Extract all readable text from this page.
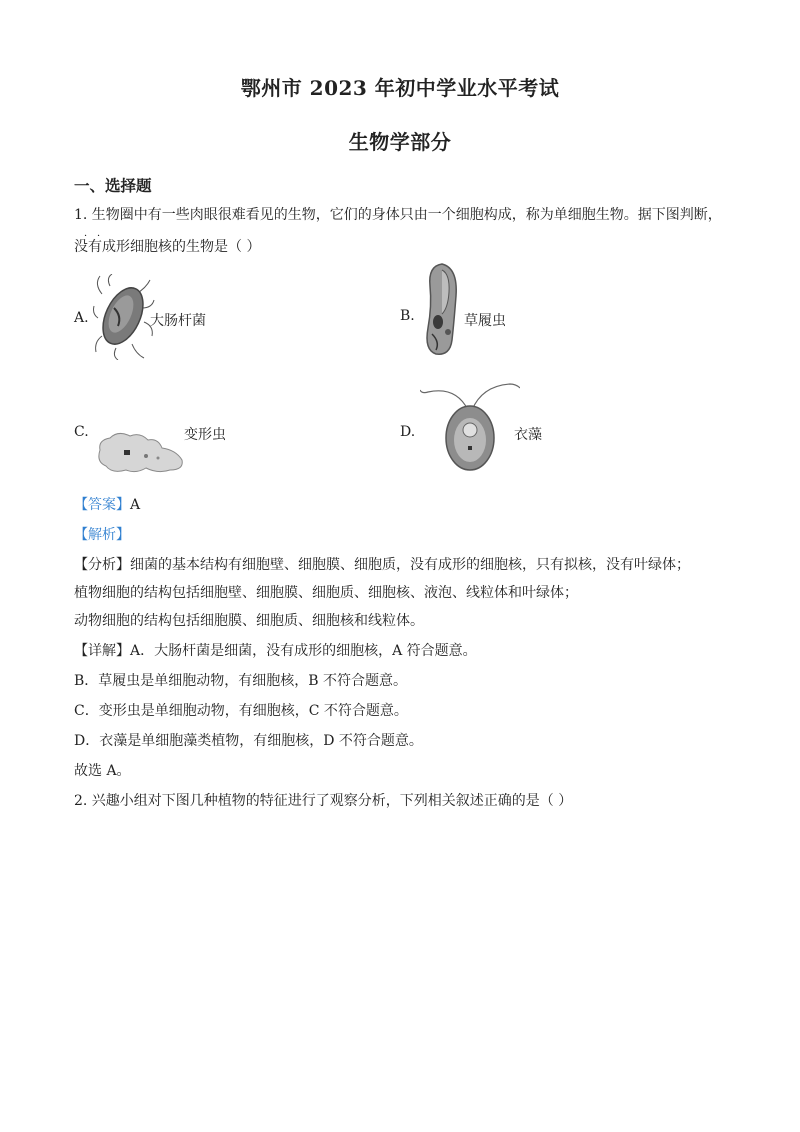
鄂州市 2023 年初中学业水平考试
生物学部分
一、选择题
1. 生物圈中有一些肉眼很难看见的生物，它们的身体只由一个细胞构成，称为单细胞生物。据下图判断，
．．
没有成形细胞核的生物是（ ）
A.	大肠杆菌	B.	草履虫
C.	变形虫	D.	衣藻
【答案】A
【解析】
【分析】细菌的基本结构有细胞壁、细胞膜、细胞质，没有成形的细胞核，只有拟核，没有叶绿体；
植物细胞的结构包括细胞壁、细胞膜、细胞质、细胞核、液泡、线粒体和叶绿体；
动物细胞的结构包括细胞膜、细胞质、细胞核和线粒体。
【详解】A．大肠杆菌是细菌，没有成形的细胞核，A 符合题意。
B．草履虫是单细胞动物，有细胞核，B 不符合题意。
C．变形虫是单细胞动物，有细胞核，C 不符合题意。
D．衣藻是单细胞藻类植物，有细胞核，D 不符合题意。
故选 A。
2. 兴趣小组对下图几种植物的特征进行了观察分析，下列相关叙述正确的是（ ）
